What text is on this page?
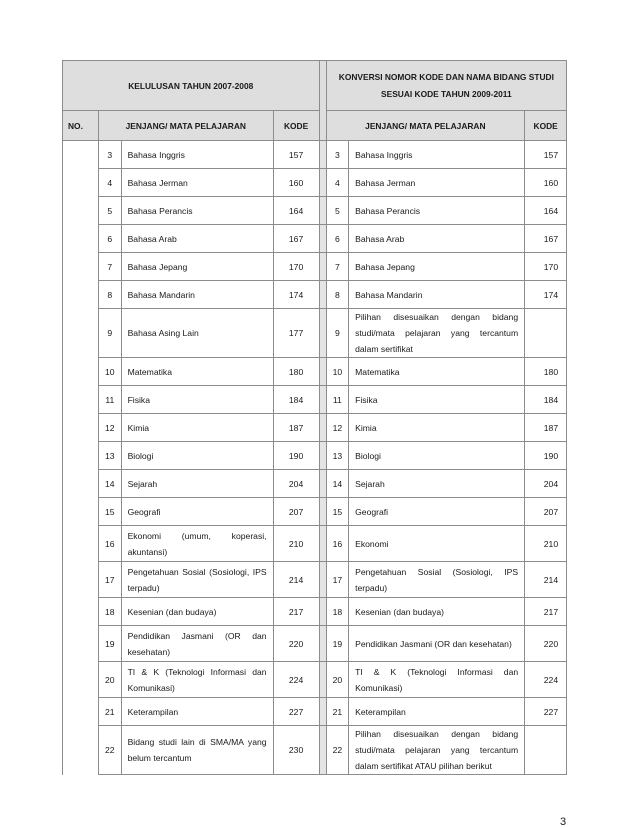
KELULUSAN TAHUN 2007-2008					KONVERSI NOMOR KODE DAN NAMA BIDANG STUDI SESUAI KODE TAHUN 2009-2011		
NO.	JENJANG/ MATA PELAJARAN		KODE		JENJANG/ MATA PELAJARAN		KODE
	3	Bahasa Inggris	157		3	Bahasa Inggris	157
	4	Bahasa Jerman	160		4	Bahasa Jerman	160
	5	Bahasa Perancis	164		5	Bahasa Perancis	164
	6	Bahasa Arab	167		6	Bahasa Arab	167
	7	Bahasa Jepang	170		7	Bahasa Jepang	170
	8	Bahasa Mandarin	174		8	Bahasa Mandarin	174
	9	Bahasa Asing Lain	177		9	Pilihan disesuaikan dengan bidang studi/mata pelajaran yang tercantum dalam sertifikat	
	10	Matematika	180		10	Matematika	180
	11	Fisika	184		11	Fisika	184
	12	Kimia	187		12	Kimia	187
	13	Biologi	190		13	Biologi	190
	14	Sejarah	204		14	Sejarah	204
	15	Geografi	207		15	Geografi	207
	16	Ekonomi (umum, koperasi, akuntansi)	210		16	Ekonomi	210
	17	Pengetahuan Sosial (Sosiologi, IPS terpadu)	214		17	Pengetahuan Sosial (Sosiologi, IPS terpadu)	214
	18	Kesenian (dan budaya)	217		18	Kesenian (dan budaya)	217
	19	Pendidikan Jasmani (OR dan kesehatan)	220		19	Pendidikan Jasmani (OR dan kesehatan)	220
	20	TI & K (Teknologi Informasi dan Komunikasi)	224		20	TI & K (Teknologi Informasi dan Komunikasi)	224
	21	Keterampilan	227		21	Keterampilan	227
	22	Bidang studi lain di SMA/MA yang belum tercantum	230		22	Pilihan disesuaikan dengan bidang studi/mata pelajaran yang tercantum dalam sertifikat ATAU pilihan berikut	
3
